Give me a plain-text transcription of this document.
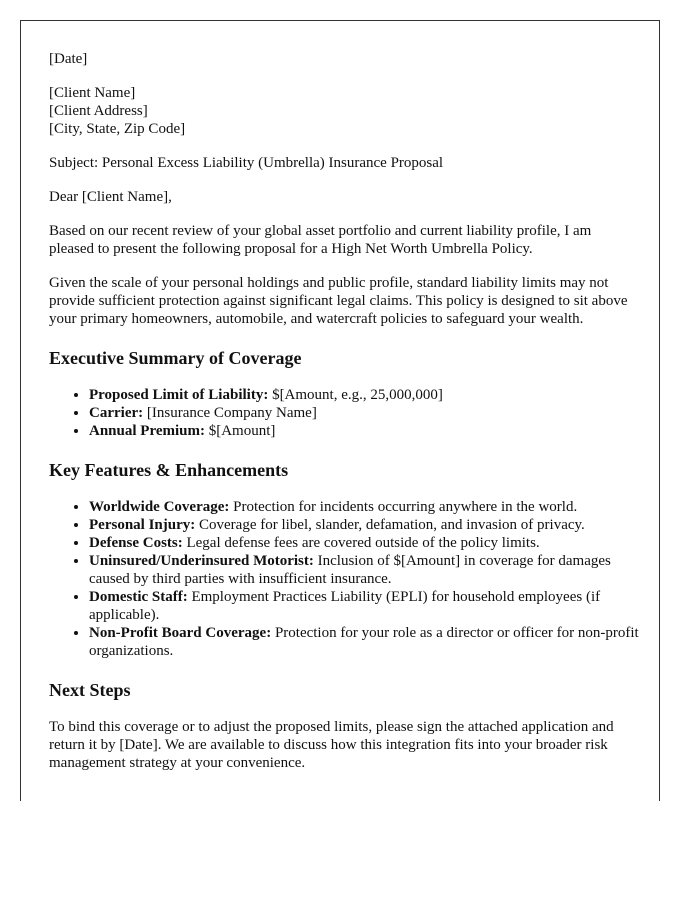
[Date]

[Client Name]

[Client Address]

[City, State, Zip Code]

Subject: Personal Excess Liability (Umbrella) Insurance Proposal

Dear [Client Name],

Based on our recent review of your global asset portfolio and current liability profile, I am pleased to present the following proposal for a High Net Worth Umbrella Policy.

Given the scale of your personal holdings and public profile, standard liability limits may not provide sufficient protection against significant legal claims. This policy is designed to sit above your primary homeowners, automobile, and watercraft policies to safeguard your wealth.

Executive Summary of Coverage
• Proposed Limit of Liability: $[Amount, e.g., 25,000,000]
• Carrier: [Insurance Company Name]
• Annual Premium: $[Amount]
Key Features & Enhancements
• Worldwide Coverage: Protection for incidents occurring anywhere in the world.
• Personal Injury: Coverage for libel, slander, defamation, and invasion of privacy.
• Defense Costs: Legal defense fees are covered outside of the policy limits.
• Uninsured/Underinsured Motorist: Inclusion of $[Amount] in coverage for damages caused by third parties with insufficient insurance.
• Domestic Staff: Employment Practices Liability (EPLI) for household employees (if applicable).
• Non-Profit Board Coverage: Protection for your role as a director or officer for non-profit organizations.
Next Steps

To bind this coverage or to adjust the proposed limits, please sign the attached application and return it by [Date]. We are available to discuss how this integration fits into your broader risk management strategy at your convenience.
